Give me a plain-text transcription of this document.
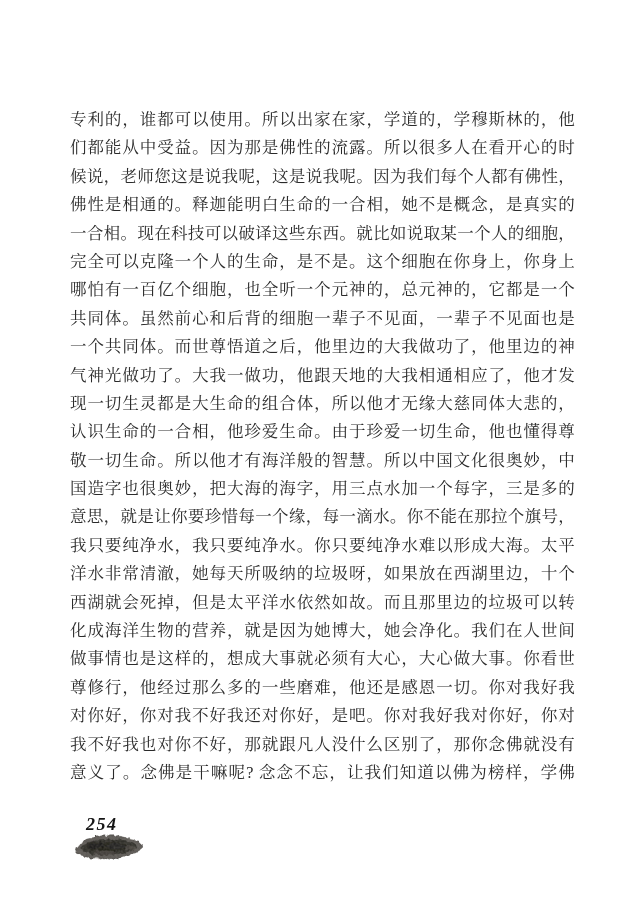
专利的，谁都可以使用。所以出家在家，学道的，学穆斯林的，他
们都能从中受益。因为那是佛性的流露。所以很多人在看开心的时
候说，老师您这是说我呢，这是说我呢。因为我们每个人都有佛性，
佛性是相通的。释迦能明白生命的一合相，她不是概念，是真实的
一合相。现在科技可以破译这些东西。就比如说取某一个人的细胞，
完全可以克隆一个人的生命，是不是。这个细胞在你身上，你身上
哪怕有一百亿个细胞，也全听一个元神的，总元神的，它都是一个
共同体。虽然前心和后背的细胞一辈子不见面，一辈子不见面也是
一个共同体。而世尊悟道之后，他里边的大我做功了，他里边的神
气神光做功了。大我一做功，他跟天地的大我相通相应了，他才发
现一切生灵都是大生命的组合体，所以他才无缘大慈同体大悲的，
认识生命的一合相，他珍爱生命。由于珍爱一切生命，他也懂得尊
敬一切生命。所以他才有海洋般的智慧。所以中国文化很奥妙，中
国造字也很奥妙，把大海的海字，用三点水加一个每字，三是多的
意思，就是让你要珍惜每一个缘，每一滴水。你不能在那拉个旗号，
我只要纯净水，我只要纯净水。你只要纯净水难以形成大海。太平
洋水非常清澈，她每天所吸纳的垃圾呀，如果放在西湖里边，十个
西湖就会死掉，但是太平洋水依然如故。而且那里边的垃圾可以转
化成海洋生物的营养，就是因为她博大，她会净化。我们在人世间
做事情也是这样的，想成大事就必须有大心，大心做大事。你看世
尊修行，他经过那么多的一些磨难，他还是感恩一切。你对我好我
对你好，你对我不好我还对你好，是吧。你对我好我对你好，你对
我不好我也对你不好，那就跟凡人没什么区别了，那你念佛就没有
意义了。念佛是干嘛呢? 念念不忘，让我们知道以佛为榜样，学佛
254
